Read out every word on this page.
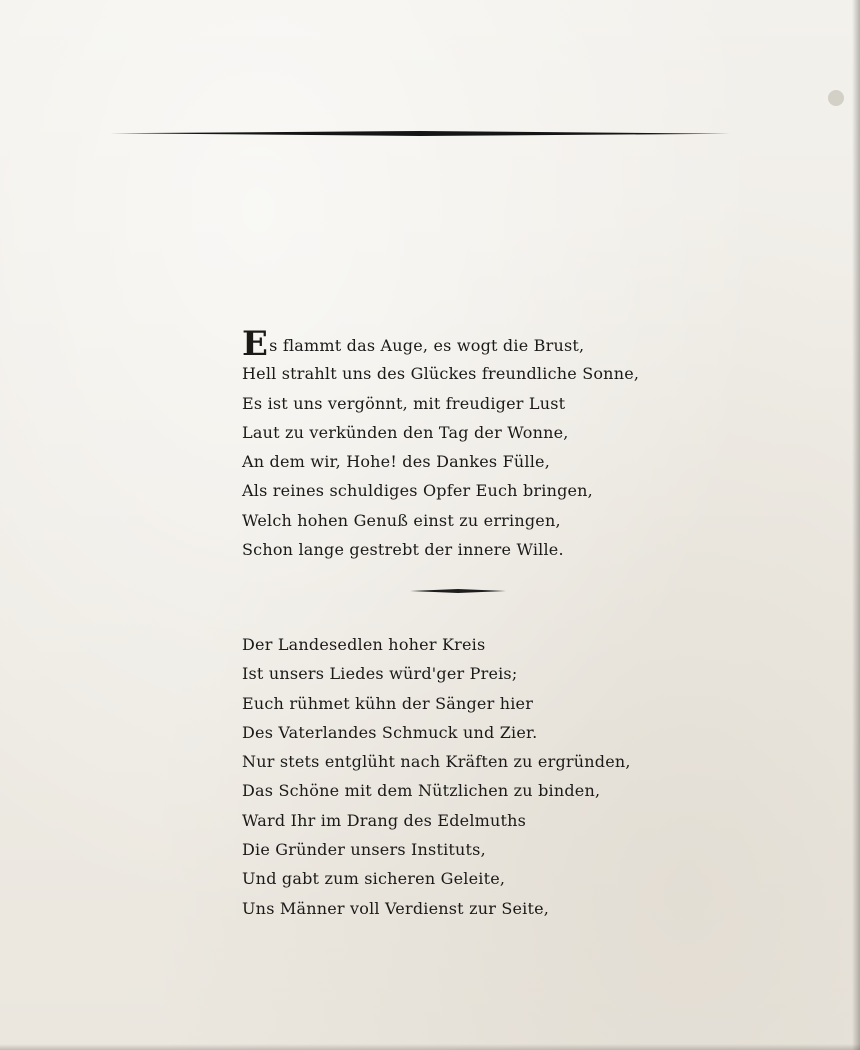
Es flammt das Auge, es wogt die Brust,
Hell strahlt uns des Glückes freundliche Sonne,
Es ist uns vergönnt, mit freudiger Lust
Laut zu verkünden den Tag der Wonne,
An dem wir, Hohe! des Dankes Fülle,
Als reines schuldiges Opfer Euch bringen,
Welch hohen Genuß einst zu erringen,
Schon lange gestrebt der innere Wille.
Der Landesedlen hoher Kreis
Ist unsers Liedes würd'ger Preis;
Euch rühmet kühn der Sänger hier
Des Vaterlandes Schmuck und Zier.
Nur stets entglüht nach Kräften zu ergründen,
Das Schöne mit dem Nützlichen zu binden,
Ward Ihr im Drang des Edelmuths
Die Gründer unsers Instituts,
Und gabt zum sicheren Geleite,
Uns Männer voll Verdienst zur Seite,
